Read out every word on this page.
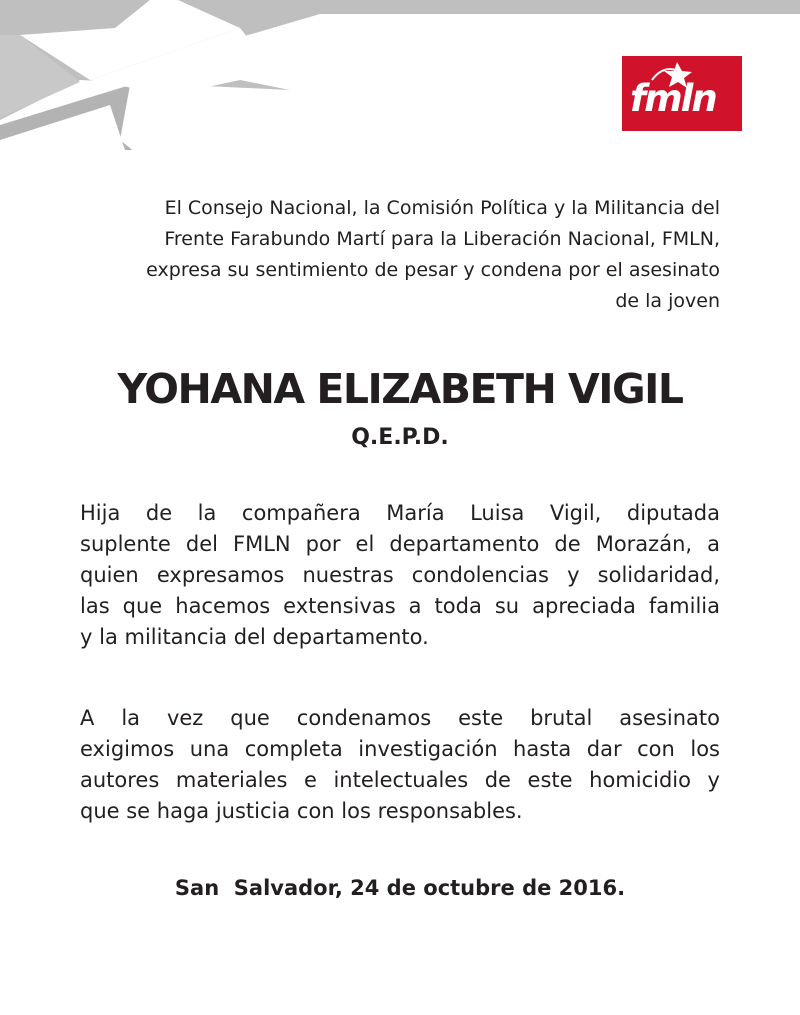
fmln
El Consejo Nacional, la Comisión Política y la Militancia del
Frente Farabundo Martí para la Liberación Nacional, FMLN,
expresa su sentimiento de pesar y condena por el asesinato
de la joven
YOHANA ELIZABETH VIGIL
Q.E.P.D.
Hija de la compañera María Luisa Vigil, diputada
suplente del FMLN por el departamento de Morazán, a
quien expresamos nuestras condolencias y solidaridad,
las que hacemos extensivas a toda su apreciada familia
y la militancia del departamento.
A la vez que condenamos este brutal asesinato
exigimos una completa investigación hasta dar con los
autores materiales e intelectuales de este homicidio y
que se haga justicia con los responsables.
San  Salvador, 24 de octubre de 2016.
